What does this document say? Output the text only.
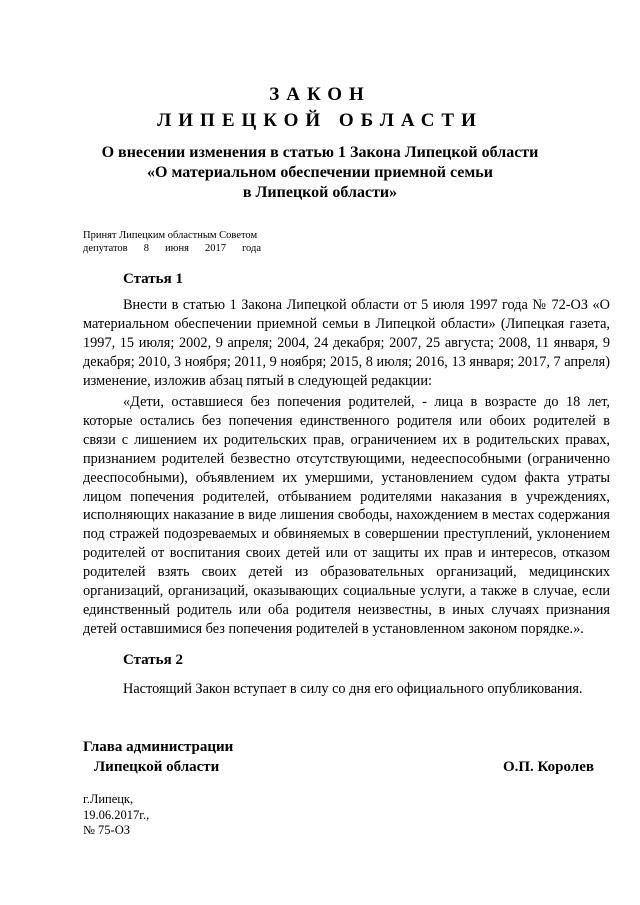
ЗАКОН
ЛИПЕЦКОЙ ОБЛАСТИ
О внесении изменения в статью 1 Закона Липецкой области
«О материальном обеспечении приемной семьи
в Липецкой области»
Принят Липецким областным Советом
депутатов 8 июня 2017 года
Статья 1

Внести в статью 1 Закона Липецкой области от 5 июля 1997 года № 72-ОЗ «О материальном обеспечении приемной семьи в Липецкой области» (Липецкая газета, 1997, 15 июля; 2002, 9 апреля; 2004, 24 декабря; 2007, 25 августа; 2008, 11 января, 9 декабря; 2010, 3 ноября; 2011, 9 ноября; 2015, 8 июля; 2016, 13 января; 2017, 7 апреля) изменение, изложив абзац пятый в следующей редакции:

«Дети, оставшиеся без попечения родителей, - лица в возрасте до 18 лет, которые остались без попечения единственного родителя или обоих родителей в связи с лишением их родительских прав, ограничением их в родительских правах, признанием родителей безвестно отсутствующими, недееспособными (ограниченно дееспособными), объявлением их умершими, установлением судом факта утраты лицом попечения родителей, отбыванием родителями наказания в учреждениях, исполняющих наказание в виде лишения свободы, нахождением в местах содержания под стражей подозреваемых и обвиняемых в совершении преступлений, уклонением родителей от воспитания своих детей или от защиты их прав и интересов, отказом родителей взять своих детей из образовательных организаций, медицинских организаций, организаций, оказывающих социальные услуги, а также в случае, если единственный родитель или оба родителя неизвестны, в иных случаях признания детей оставшимися без попечения родителей в установленном законом порядке.».

Статья 2

Настоящий Закон вступает в силу со дня его официального опубликования.

Глава администрации
Липецкой области	О.П. Королев
г.Липецк,
19.06.2017г.,
№ 75-ОЗ
